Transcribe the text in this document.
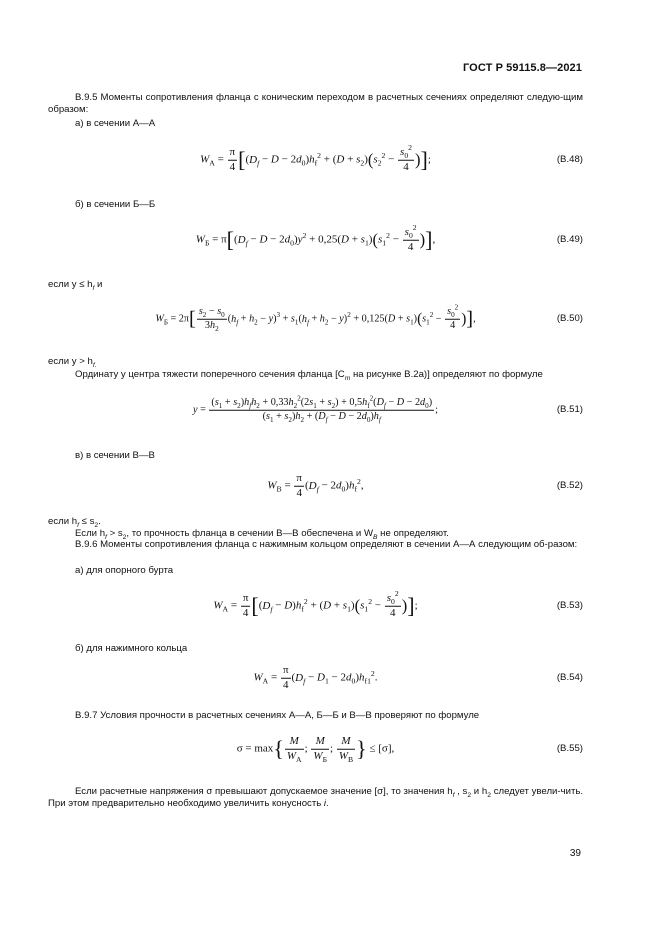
ГОСТ Р 59115.8—2021
В.9.5 Моменты сопротивления фланца с коническим переходом в расчетных сечениях определяют следую-щим образом:
а) в сечении А—А
$W_A = \frac{\pi}{4} [(D_f - D - 2d_0)h_f^2 + (D + s_2)(s_2^2 - \frac{s_0^2}{4}$ )];	(В.48)
б) в сечении Б—Б
$W_Б = \pi[(D_f - D - 2d_0)y^2 + 0,25(D + s_1)(s_1^2 - \frac{s_0^2}{4}$ )],	(В.49)
если $y \le h_f$ и
$W_Б = 2\pi[ \frac{s_2 - s_0}{3h_2} (h_f + h_2 - y)^3 + s_1(h_f + h_2 - y)^2 + 0,125(D + s_1)(s_1^2 - \frac{s_0^2}{4}$ )],	(В.50)
если $y > h_{f.}$
Ординату y центра тяжести поперечного сечения фланца [$C_m$ на рисунке В.2а)] определяют по формуле
$y = \frac{(s_1 + s_2)h_fh_2 + 0,33h_2^2(2s_1 + s_2) + 0,5h_f^2(D_f - D - 2d_0)}{(s_1 + s_2)h_2 + (D_f - D - 2d_0)h_f}$ ;	(В.51)
в) в сечении В—В
$W_В = \frac{\pi}{4} (D_f - 2d_0)h_f^2$,	(В.52)
если $h_f \le s_2$.
Если $h_f > s_2$, то прочность фланца в сечении В—В обеспечена и $W_B$ не определяют.
В.9.6 Моменты сопротивления фланца с нажимным кольцом определяют в сечении А—А следующим об-разом:
а) для опорного бурта
$W_A = \frac{\pi}{4} [(D_f - D)h_f^2 + (D + s_1)(s_1^2 - \frac{s_0^2}{4}$ )];	(В.53)
б) для нажимного кольца
$W_A = \frac{\pi}{4} (D_f - D_1 - 2d_0)h_{f1}^2$.	(В.54)
В.9.7 Условия прочности в расчетных сечениях А—А, Б—Б и В—В проверяют по формуле
$\sigma = \max\{ \frac{M}{W_A}$ ; $\frac{M}{W_Б}$ ; $\frac{M}{W_В}$ } ≤ [σ],	(В.55)
Если расчетные напряжения σ превышают допускаемое значение [σ], то значения $h_f$ , $s_2$ и $h_2$ следует увели-чить. При этом предварительно необходимо увеличить конусность i.
39
